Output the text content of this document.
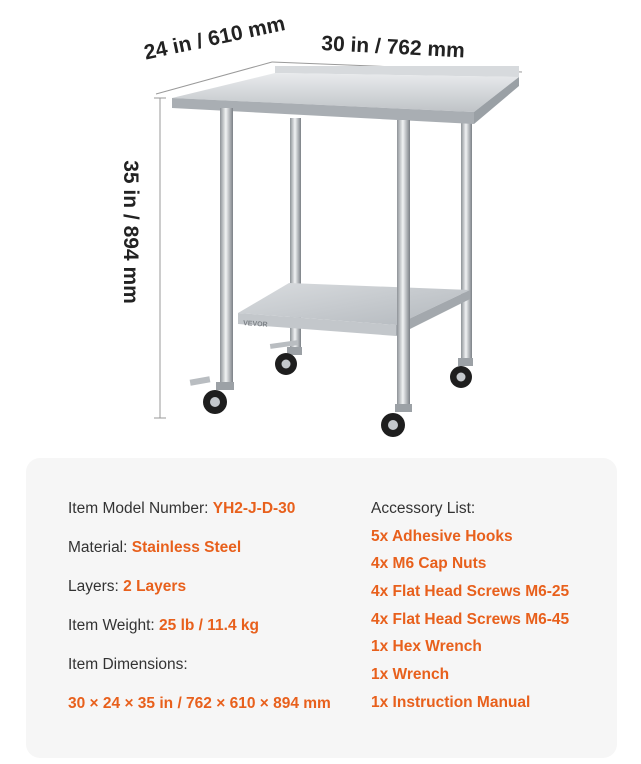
VEVOR
24 in / 610 mm 30 in / 762 mm
35 in / 894 mm

Item Model Number: YH2-J-D-30

Material: Stainless Steel

Layers: 2 Layers

Item Weight: 25 lb / 11.4 kg

Item Dimensions:

30 × 24 × 35 in / 762 × 610 × 894 mm

Accessory List:

5x Adhesive Hooks

4x M6 Cap Nuts

4x Flat Head Screws M6-25

4x Flat Head Screws M6-45

1x Hex Wrench

1x Wrench

1x Instruction Manual
